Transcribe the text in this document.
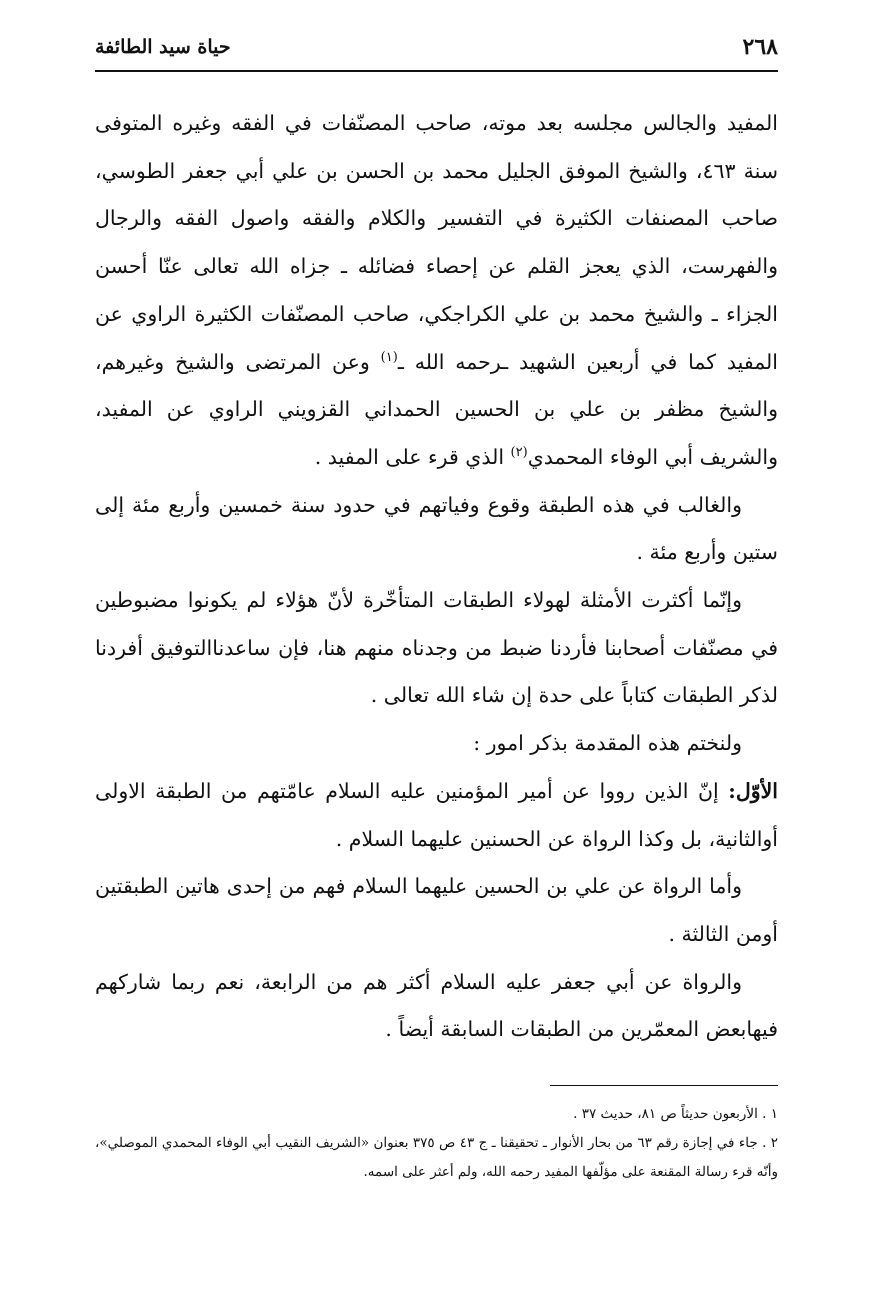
٢٦٨
حياة سيد الطائفة

المفيد والجالس مجلسه بعد موته، صاحب المصنّفات في الفقه وغيره المتوفى سنة ٤٦٣، والشيخ الموفق الجليل محمد بن الحسن بن علي أبي جعفر الطوسي، صاحب المصنفات الكثيرة في التفسير والكلام والفقه واصول الفقه والرجال والفهرست، الذي يعجز القلم عن إحصاء فضائله ـ جزاه الله تعالى عنّا أحسن الجزاء ـ والشيخ محمد بن علي الكراجكي، صاحب المصنّفات الكثيرة الراوي عن المفيد كما في أربعين الشهيد ـرحمه الله ـ$^{(١)}$ وعن المرتضى والشيخ وغيرهم، والشيخ مظفر بن علي بن الحسين الحمداني القزويني الراوي عن المفيد، والشريف أبي الوفاء المحمدي$^{(٢)}$ الذي قرء على المفيد .

والغالب في هذه الطبقة وقوع وفياتهم في حدود سنة خمسين وأربع مئة إلى ستين وأربع مئة .

وإنّما أكثرت الأمثلة لهولاء الطبقات المتأخّرة لأنّ هؤلاء لم يكونوا مضبوطين في مصنّفات أصحابنا فأردنا ضبط من وجدناه منهم هنا، فإن ساعدناالتوفيق أفردنا لذكر الطبقات كتاباً على حدة إن شاء الله تعالى .

ولنختم هذه المقدمة بذكر امور :

الأوّل: إنّ الذين رووا عن أمير المؤمنين عليه السلام عامّتهم من الطبقة الاولى أوالثانية، بل وكذا الرواة عن الحسنين عليهما السلام .

وأما الرواة عن علي بن الحسين عليهما السلام فهم من إحدى هاتين الطبقتين أومن الثالثة .

والرواة عن أبي جعفر عليه السلام أكثر هم من الرابعة، نعم ربما شاركهم فيهابعض المعمّرين من الطبقات السابقة أيضاً .

١ . الأربعون حديثاً ص ٨١، حديث ٣٧ .

٢ . جاء في إجازة رقم ٦٣ من بحار الأنوار ـ تحقيقنا ـ ج ٤٣ ص ٣٧٥ بعنوان «الشريف النقيب أبي الوفاء المحمدي الموصلي»، وأنّه قرء رسالة المقنعة على مؤلّفها المفيد رحمه الله، ولم أعثر على اسمه.
